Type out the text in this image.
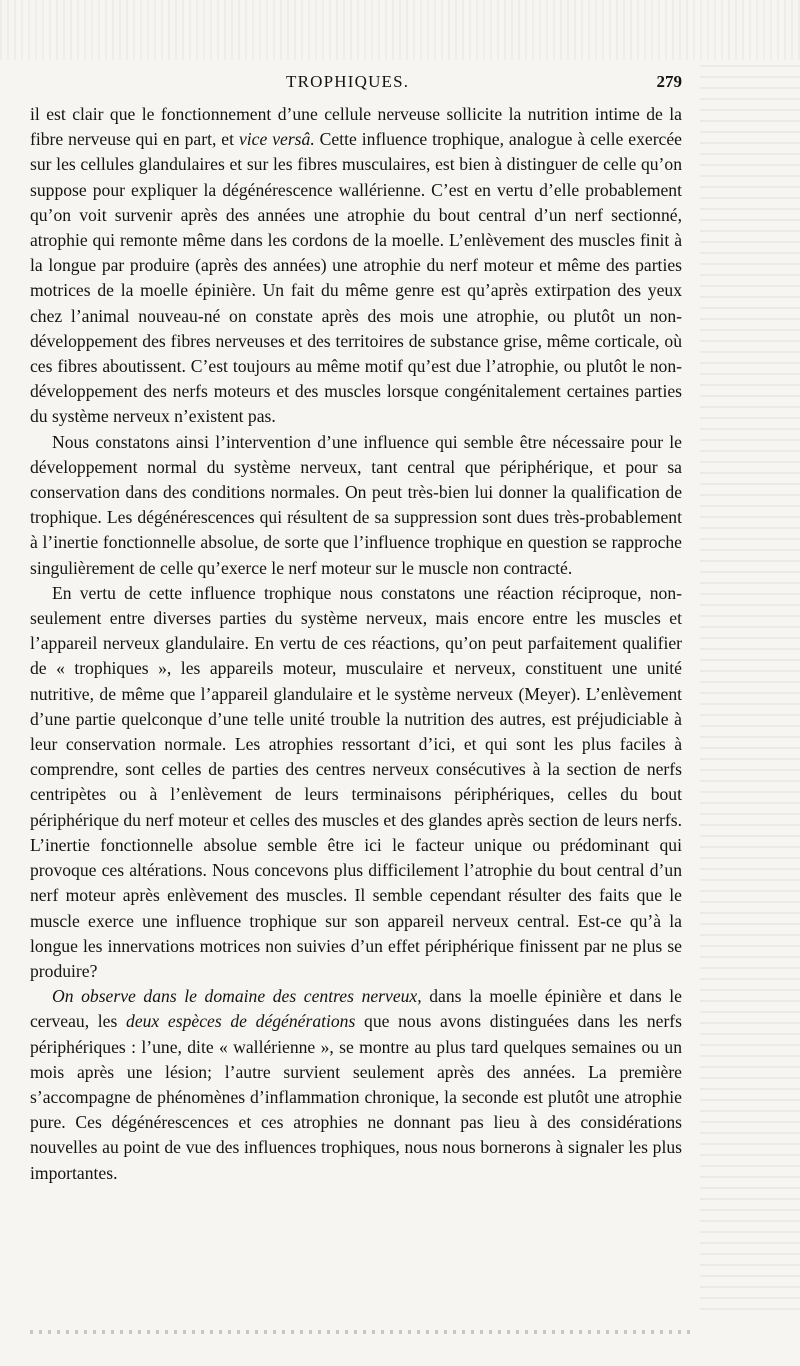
TROPHIQUES.	279

il est clair que le fonctionnement d’une cellule nerveuse sollicite la nutrition intime de la fibre nerveuse qui en part, et vice versâ. Cette influence trophique, analogue à celle exercée sur les cellules glandulaires et sur les fibres musculaires, est bien à distinguer de celle qu’on suppose pour expliquer la dégénérescence wallérienne. C’est en vertu d’elle probablement qu’on voit survenir après des années une atrophie du bout central d’un nerf sectionné, atrophie qui remonte même dans les cordons de la moelle. L’enlèvement des muscles finit à la longue par produire (après des années) une atrophie du nerf moteur et même des parties motrices de la moelle épinière. Un fait du même genre est qu’après extirpation des yeux chez l’animal nouveau-né on constate après des mois une atrophie, ou plutôt un non-développement des fibres nerveuses et des territoires de substance grise, même corticale, où ces fibres aboutissent. C’est toujours au même motif qu’est due l’atrophie, ou plutôt le non-développement des nerfs moteurs et des muscles lorsque congénitalement certaines parties du système nerveux n’existent pas.

Nous constatons ainsi l’intervention d’une influence qui semble être nécessaire pour le développement normal du système nerveux, tant central que périphérique, et pour sa conservation dans des conditions normales. On peut très-bien lui donner la qualification de trophique. Les dégénérescences qui résultent de sa suppression sont dues très-probablement à l’inertie fonctionnelle absolue, de sorte que l’influence trophique en question se rapproche singulièrement de celle qu’exerce le nerf moteur sur le muscle non contracté.

En vertu de cette influence trophique nous constatons une réaction réciproque, non-seulement entre diverses parties du système nerveux, mais encore entre les muscles et l’appareil nerveux glandulaire. En vertu de ces réactions, qu’on peut parfaitement qualifier de « trophiques », les appareils moteur, musculaire et nerveux, constituent une unité nutritive, de même que l’appareil glandulaire et le système nerveux (Meyer). L’enlèvement d’une partie quelconque d’une telle unité trouble la nutrition des autres, est préjudiciable à leur conservation normale. Les atrophies ressortant d’ici, et qui sont les plus faciles à comprendre, sont celles de parties des centres nerveux consécutives à la section de nerfs centripètes ou à l’enlèvement de leurs terminaisons périphériques, celles du bout périphérique du nerf moteur et celles des muscles et des glandes après section de leurs nerfs. L’inertie fonctionnelle absolue semble être ici le facteur unique ou prédominant qui provoque ces altérations. Nous concevons plus difficilement l’atrophie du bout central d’un nerf moteur après enlèvement des muscles. Il semble cependant résulter des faits que le muscle exerce une influence trophique sur son appareil nerveux central. Est-ce qu’à la longue les innervations motrices non suivies d’un effet périphérique finissent par ne plus se produire?

On observe dans le domaine des centres nerveux, dans la moelle épinière et dans le cerveau, les deux espèces de dégénérations que nous avons distinguées dans les nerfs périphériques : l’une, dite « wallérienne », se montre au plus tard quelques semaines ou un mois après une lésion; l’autre survient seulement après des années. La première s’accompagne de phénomènes d’inflammation chronique, la seconde est plutôt une atrophie pure. Ces dégénérescences et ces atrophies ne donnant pas lieu à des considérations nouvelles au point de vue des influences trophiques, nous nous bornerons à signaler les plus importantes.
